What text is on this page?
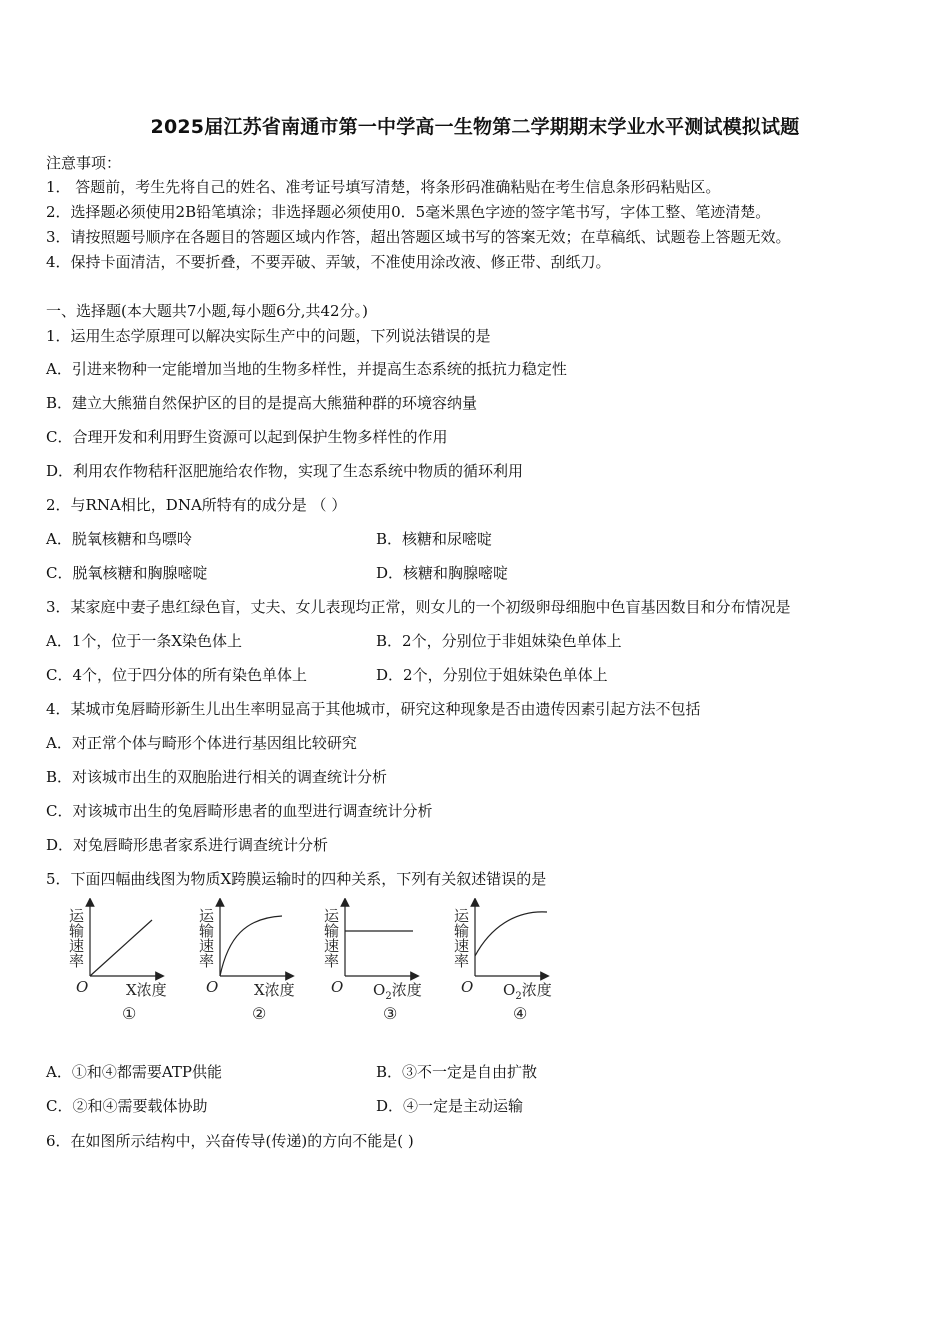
2025届江苏省南通市第一中学高一生物第二学期期末学业水平测试模拟试题
注意事项：
1． 答题前，考生先将自己的姓名、准考证号填写清楚，将条形码准确粘贴在考生信息条形码粘贴区。
2．选择题必须使用2B铅笔填涂；非选择题必须使用0．5毫米黑色字迹的签字笔书写，字体工整、笔迹清楚。
3．请按照题号顺序在各题目的答题区域内作答，超出答题区域书写的答案无效；在草稿纸、试题卷上答题无效。
4．保持卡面清洁，不要折叠，不要弄破、弄皱，不准使用涂改液、修正带、刮纸刀。
一、选择题(本大题共7小题,每小题6分,共42分。)
1．运用生态学原理可以解决实际生产中的问题，下列说法错误的是
A．引进来物种一定能增加当地的生物多样性，并提高生态系统的抵抗力稳定性
B．建立大熊猫自然保护区的目的是提高大熊猫种群的环境容纳量
C．合理开发和利用野生资源可以起到保护生物多样性的作用
D．利用农作物秸秆沤肥施给农作物，实现了生态系统中物质的循环利用
2．与RNA相比，DNA所特有的成分是 （ ）
A．脱氧核糖和鸟嘌呤	B．核糖和尿嘧啶
C．脱氧核糖和胸腺嘧啶	D．核糖和胸腺嘧啶
3．某家庭中妻子患红绿色盲，丈夫、女儿表现均正常，则女儿的一个初级卵母细胞中色盲基因数目和分布情况是
A．1个，位于一条X染色体上	B．2个，分别位于非姐妹染色单体上
C．4个，位于四分体的所有染色单体上	D．2个，分别位于姐妹染色单体上
4．某城市兔唇畸形新生儿出生率明显高于其他城市，研究这种现象是否由遗传因素引起方法不包括
A．对正常个体与畸形个体进行基因组比较研究
B．对该城市出生的双胞胎进行相关的调查统计分析
C．对该城市出生的兔唇畸形患者的血型进行调查统计分析
D．对兔唇畸形患者家系进行调查统计分析
5．下面四幅曲线图为物质X跨膜运输时的四种关系，下列有关叙述错误的是
运输速率
O	X浓度
①
运输速率
O X浓度
②
运输速率
O $O_2$浓度
③
运输速率
O $O_2$浓度
④
A．①和④都需要ATP供能	B．③不一定是自由扩散
C．②和④需要载体协助	D．④一定是主动运输
6．在如图所示结构中，兴奋传导(传递)的方向不能是( )
